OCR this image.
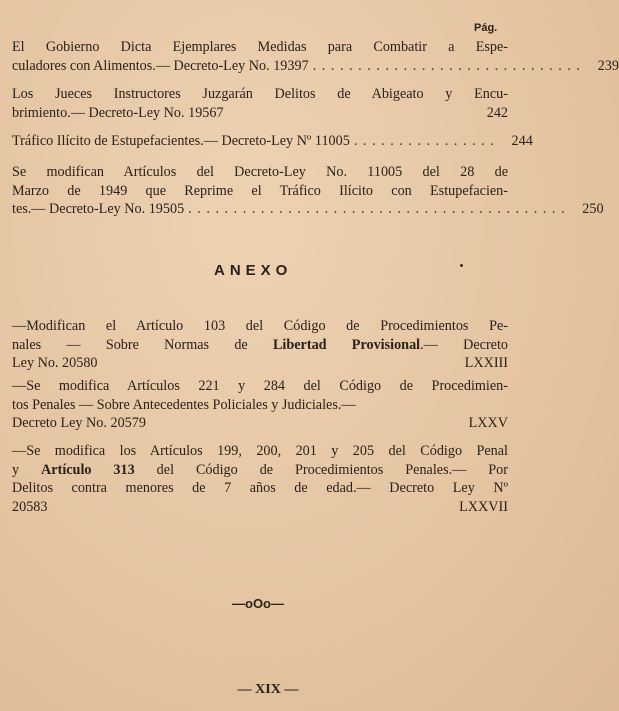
Pág.
El Gobierno Dicta Ejemplares Medidas para Combatir a Espe-
culadores con Alimentos.— Decreto-Ley No. 19397 . . . . . . . . . . . . . . . . . . . . . . . . . . . . . .	239
Los Jueces Instructores Juzgarán Delitos de Abigeato y Encu-
brimiento.— Decreto-Ley No. 19567	242
Tráfico Ilícito de Estupefacientes.— Decreto-Ley Nº 11005 . . . . . . . . . . . . . . . .	244
Se modifican Artículos del Decreto-Ley No. 11005 del 28 de
Marzo de 1949 que Reprime el Tráfico Ilícito con Estupefacien-
tes.— Decreto-Ley No. 19505 . . . . . . . . . . . . . . . . . . . . . . . . . . . . . . . . . . . . . . . . . .	250
ANEXO
—Modifican el Artículo 103 del Código de Procedimientos Pe-
nales — Sobre Normas de Libertad Provisional.— Decreto
Ley No. 20580	LXXIII
—Se modifica Artículos 221 y 284 del Código de Procedimien-
tos Penales — Sobre Antecedentes Policiales y Judiciales.—
Decreto Ley No. 20579	LXXV
—Se modifica los Artículos 199, 200, 201 y 205 del Código Penal
y Artículo 313 del Código de Procedimientos Penales.— Por
Delitos contra menores de 7 años de edad.— Decreto Ley Nº
20583	LXXVII
—oOo—
— XIX —
